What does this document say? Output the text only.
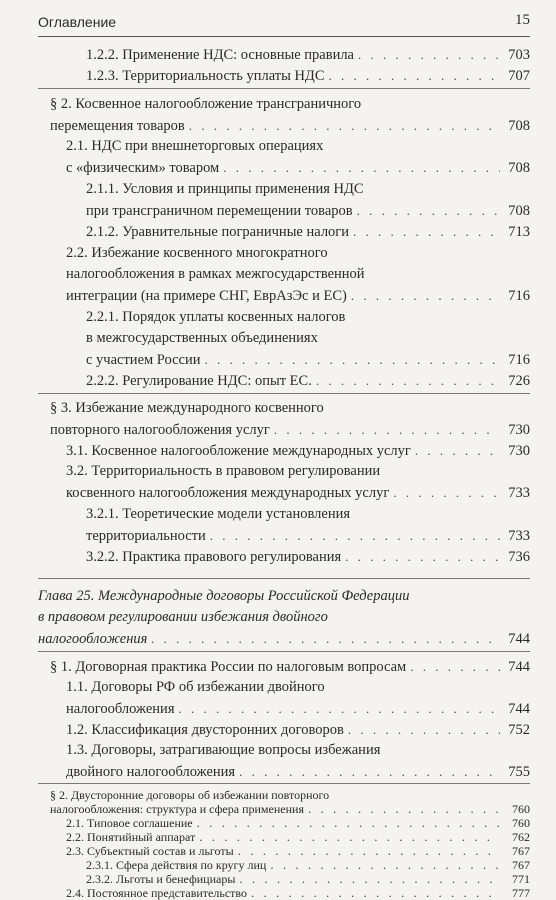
Оглавление	15
1.2.2. Применение НДС: основные правила . . .	703
1.2.3. Территориальность уплаты НДС . . .	707
§ 2. Косвенное налогообложение трансграничного
перемещения товаров . . .	708
2.1. НДС при внешнеторговых операциях
с «физическим» товаром . . .	708
2.1.1. Условия и принципы применения НДС
при трансграничном перемещении товаров . . .	708
2.1.2. Уравнительные пограничные налоги . . .	713
2.2. Избежание косвенного многократного
налогообложения в рамках межгосударственной
интеграции (на примере СНГ, ЕврАзЭс и ЕС) . . .	716
2.2.1. Порядок уплаты косвенных налогов
в межгосударственных объединениях
с участием России . . .	716
2.2.2. Регулирование НДС: опыт ЕС. . . .	726
§ 3. Избежание международного косвенного
повторного налогообложения услуг . . .	730
3.1. Косвенное налогообложение международных услуг . . .	730
3.2. Территориальность в правовом регулировании
косвенного налогообложения международных услуг . . .	733
3.2.1. Теоретические модели установления
территориальности . . .	733
3.2.2. Практика правового регулирования . . .	736
Глава 25. Международные договоры Российской Федерации
в правовом регулировании избежания двойного
налогообложения . . .	744
§ 1. Договорная практика России по налоговым вопросам . . .	744
1.1. Договоры РФ об избежании двойного
налогообложения . . .	744
1.2. Классификация двусторонних договоров . . .	752
1.3. Договоры, затрагивающие вопросы избежания
двойного налогообложения . . .	755
§ 2. Двусторонние договоры об избежании повторного
налогообложения: структура и сфера применения . . .	760
2.1. Типовое соглашение . . .	760
2.2. Понятийный аппарат . . .	762
2.3. Субъектный состав и льготы . . .	767
2.3.1. Сфера действия по кругу лиц . . .	767
2.3.2. Льготы и бенефициары . . .	771
2.4. Постоянное представительство . . .	777
